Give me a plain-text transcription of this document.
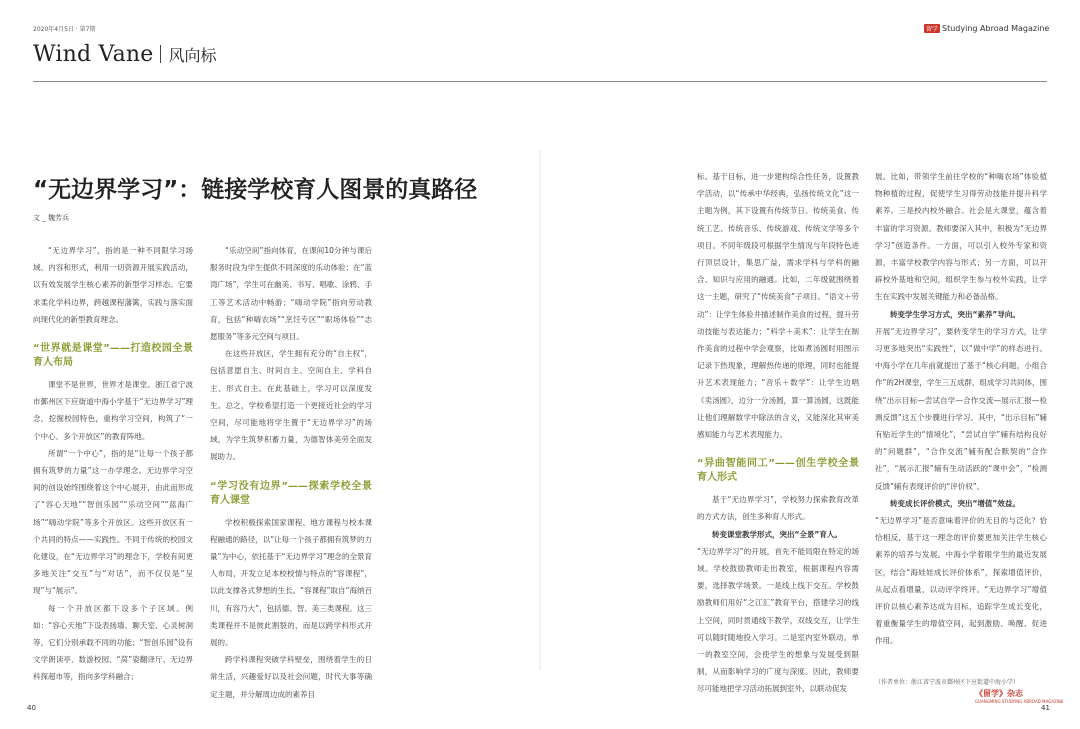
2020年4月5日 · 第7期	留学 Studying Abroad Magazine
Wind Vane 风向标
“无边界学习”：链接学校育人图景的真路径
文 _ 魏芳兵

“无边界学习”，指的是一种不同限学习场域、内容和形式，利用一切资源开展实践活动，以有效发展学生核心素养的新型学习样态。它要求柔化学科边界，跨越课程藩篱，实践与落实面向现代化的新型教育理念。

“世界就是课堂”——打造校园全景育人布局

课堂不是世界，世界才是课堂。浙江省宁波市鄞州区下应街道中海小学基于“无边界学习”理念，挖掘校园特色，重构学习空间，构筑了“一个中心、多个开放区”的教育阵地。

所谓“一个中心”，指的是“让每一个孩子都拥有筑梦的力量”这一办学理念。无边界学习空间的创设始终围绕着这个中心展开，由此而形成了“容心天地”“智创乐园”“乐动空间”“蓝海广场”“嗨动学院”等多个开放区。这些开放区有一个共同的特点——实践性。不同于传统的校园文化建设，在“无边界学习”的理念下，学校有间更多地关注“交互”与“对话”，而不仅仅是“呈现”与“展示”。

每一个开放区都下设多个子区域。例如：“容心天地”下设表扬墙、聊天室、心灵树洞等，它们分别承载不同的功能；“智创乐园”设有文学朗读亭、数游校园、“莴”姿翻译厅、无边界科探超市等，指向多学科融合；

“乐动空间”指向体育，在课间10分钟与课后服务时段为学生提供不同深度的乐动体验；在“蓝湾广场”，学生可在幽美、书写、唱歌、涂鸦、手工等艺术活动中畅游；“嗨动学院”指向劳动教育，包括“种嗨农场”“烹饪专区”“职场体验”“志愿服务”等多元空间与项目。

在这些开放区，学生拥有充分的“自主权”，包括意愿自主、时间自主、空间自主、学科自主、形式自主。在此基础上，学习可以深度发生。总之，学校希望打造一个更接近社会的学习空间，尽可能地将学生置于“无边界学习”的场域，为学生筑梦积蓄力量，为德智体美劳全面发展助力。

“学习没有边界”——探索学校全景育人课堂

学校积极探索国家课程、地方课程与校本课程融通的路径，以“让每一个孩子都拥有筑梦的力量”为中心，依托基于“无边界学习”理念的全景育人布局，开发立足本校校情与特点的“容课程”，以此支撑各式梦想的生长。“容课程”取自“海纳百川，有容乃大”，包括德、智、美三类课程。这三类课程并不是彼此割裂的，而是以跨学科形式开展的。

跨学科课程突破学科壁垒，围绕着学生的日常生活，兴趣爱好以及社会问题，时代大事等确定主题，并分解周边成的素养目

标。基于目标，进一步建构综合性任务，设置教学活动，以“传承中华经典，弘扬传统文化”这一主题为例，其下设置有传统节日、传统美食、传统工艺、传统音乐、传统游戏、传统文学等多个项目。不同年级段可根据学生情况与年段特色进行顶层设计，集思广益，需求学科与学科的融合、知识与应用的融通。比如，二年级就围绕着这一主题，研究了“传统美食”子项目。“语文＋劳动”：让学生体验并描述制作美食的过程，提升劳动技能与表达能力；“科学＋美术”：让学生在制作美食的过程中学会观察，比如煮汤圆时用图示记录下热现象，理解热传递的原理，同时也能提升艺术表现能力；“音乐＋数学”：让学生边唱《卖汤圆》，边分一分汤圆，算一算汤圆，这既能让他们理解数学中除法的含义，又能深化其审美感知能力与艺术表现能力。

“异曲智能同工”——创生学校全景育人形式

基于“无边界学习”，学校努力探索教育改革的方式方法，创生多种育人形式。

转变课堂教学形式，突出“全景”育人。

“无边界学习”的开展，首先不能局限在特定的场域。学校鼓励教师走出教室，根据课程内容需要，选择教学场景。一是线上线下交互。学校鼓励教师们用好“之江汇”教育平台，搭建学习的线上空间，同时贯通线下教学，双线交互，让学生可以随时随地投入学习。二是室内室外联动。单一的教室空间，会使学生的想象与发展受到限制，从而影响学习的广度与深度。因此，教师要尽可能地把学习活动拓展到室外，以联动促发

展。比如，带领学生前往学校的“种嗨农场”体验植物种植的过程，促使学生习得劳动技能并提升科学素养。三是校内校外融合。社会是大课堂，蕴含着丰富的学习资源。教师要深入其中，积极为“无边界学习”创造条件。一方面，可以引入校外专家和资源，丰富学校教学内容与形式；另一方面，可以开辟校外基地和空间，组织学生参与校外实践，让学生在实践中发展关键能力和必备品格。

转变学生学习方式，突出“素养”导向。

开展“无边界学习”，要转变学生的学习方式，让学习更多地突出“实践性”，以“做中学”的样态进行。中海小学在几年前就提出了基于“核心问题，小组合作”的2H课堂，学生三五成群，组成学习共同体，围绕“出示目标—尝试自学—合作交流—展示汇报—检测反馈”这五个步骤进行学习。其中，“出示目标”辅有贴近学生的“情境化”，“尝试自学”辅有结构良好的“问题群”，“合作交流”辅有配合默契的“合作社”，“展示汇报”辅有生动活跃的“课中会”，“检测反馈”辅有表现评价的“评价权”。

转变成长评价模式，突出“增值”效益。

“无边界学习”是否意味着评价的无目的与泛化？恰恰相反，基于这一理念的评价要更加关注学生核心素养的培养与发展。中海小学着眼学生的最近发展区，结合“海娃娃成长评价体系”，探索增值评价，从起点看增量，以动评学终评。“无边界学习”增值评价以核心素养达成为目标，追踪学生成长变化，着重衡量学生的增值空间，起到激励、唤醒、促进作用。

（作者单位：浙江省宁波市鄞州区下应街道中海小学）
《留学》杂志
GUANGMING STUDYING ABROAD MAGAZINE
40	41
